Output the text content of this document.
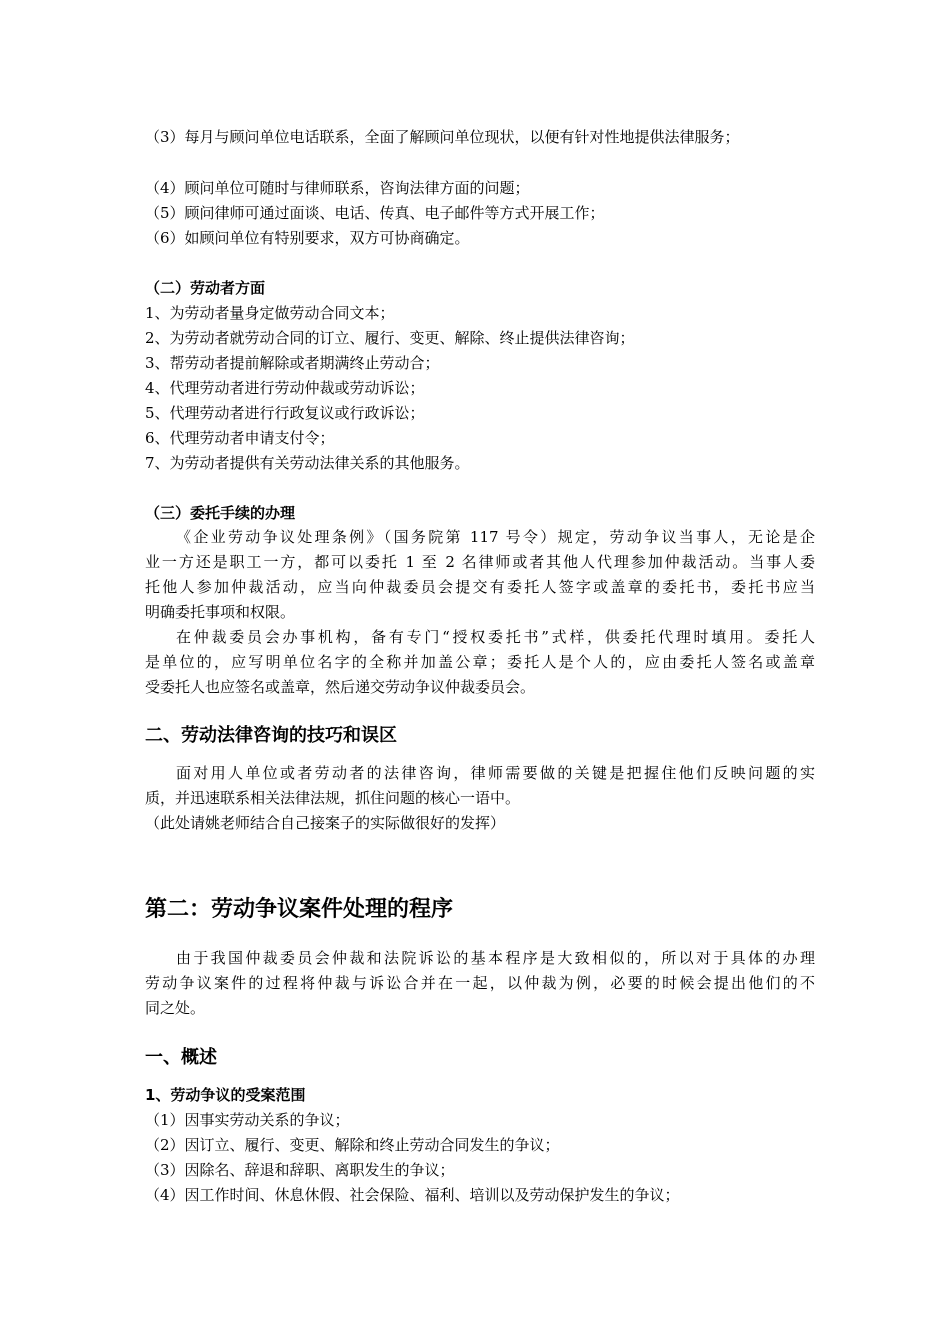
（3）每月与顾问单位电话联系，全面了解顾问单位现状，以便有针对性地提供法律服务；
（4）顾问单位可随时与律师联系，咨询法律方面的问题；
（5）顾问律师可通过面谈、电话、传真、电子邮件等方式开展工作；
（6）如顾问单位有特别要求，双方可协商确定。
（二）劳动者方面
1、为劳动者量身定做劳动合同文本；
2、为劳动者就劳动合同的订立、履行、变更、解除、终止提供法律咨询；
3、帮劳动者提前解除或者期满终止劳动合；
4、代理劳动者进行劳动仲裁或劳动诉讼；
5、代理劳动者进行行政复议或行政诉讼；
6、代理劳动者申请支付令；
7、为劳动者提供有关劳动法律关系的其他服务。
（三）委托手续的办理
《企业劳动争议处理条例》（国务院第 117 号令）规定，劳动争议当事人，无论是企
业一方还是职工一方，都可以委托 1 至 2 名律师或者其他人代理参加仲裁活动。当事人委
托他人参加仲裁活动，应当向仲裁委员会提交有委托人签字或盖章的委托书，委托书应当
明确委托事项和权限。
在仲裁委员会办事机构，备有专门“授权委托书”式样，供委托代理时填用。委托人
是单位的，应写明单位名字的全称并加盖公章；委托人是个人的，应由委托人签名或盖章
受委托人也应签名或盖章，然后递交劳动争议仲裁委员会。
二、劳动法律咨询的技巧和误区
面对用人单位或者劳动者的法律咨询，律师需要做的关键是把握住他们反映问题的实
质，并迅速联系相关法律法规，抓住问题的核心一语中。
（此处请姚老师结合自己接案子的实际做很好的发挥）
第二：劳动争议案件处理的程序
由于我国仲裁委员会仲裁和法院诉讼的基本程序是大致相似的，所以对于具体的办理
劳动争议案件的过程将仲裁与诉讼合并在一起，以仲裁为例，必要的时候会提出他们的不
同之处。
一、概述
1、劳动争议的受案范围
（1）因事实劳动关系的争议；
（2）因订立、履行、变更、解除和终止劳动合同发生的争议；
（3）因除名、辞退和辞职、离职发生的争议；
（4）因工作时间、休息休假、社会保险、福利、培训以及劳动保护发生的争议；
